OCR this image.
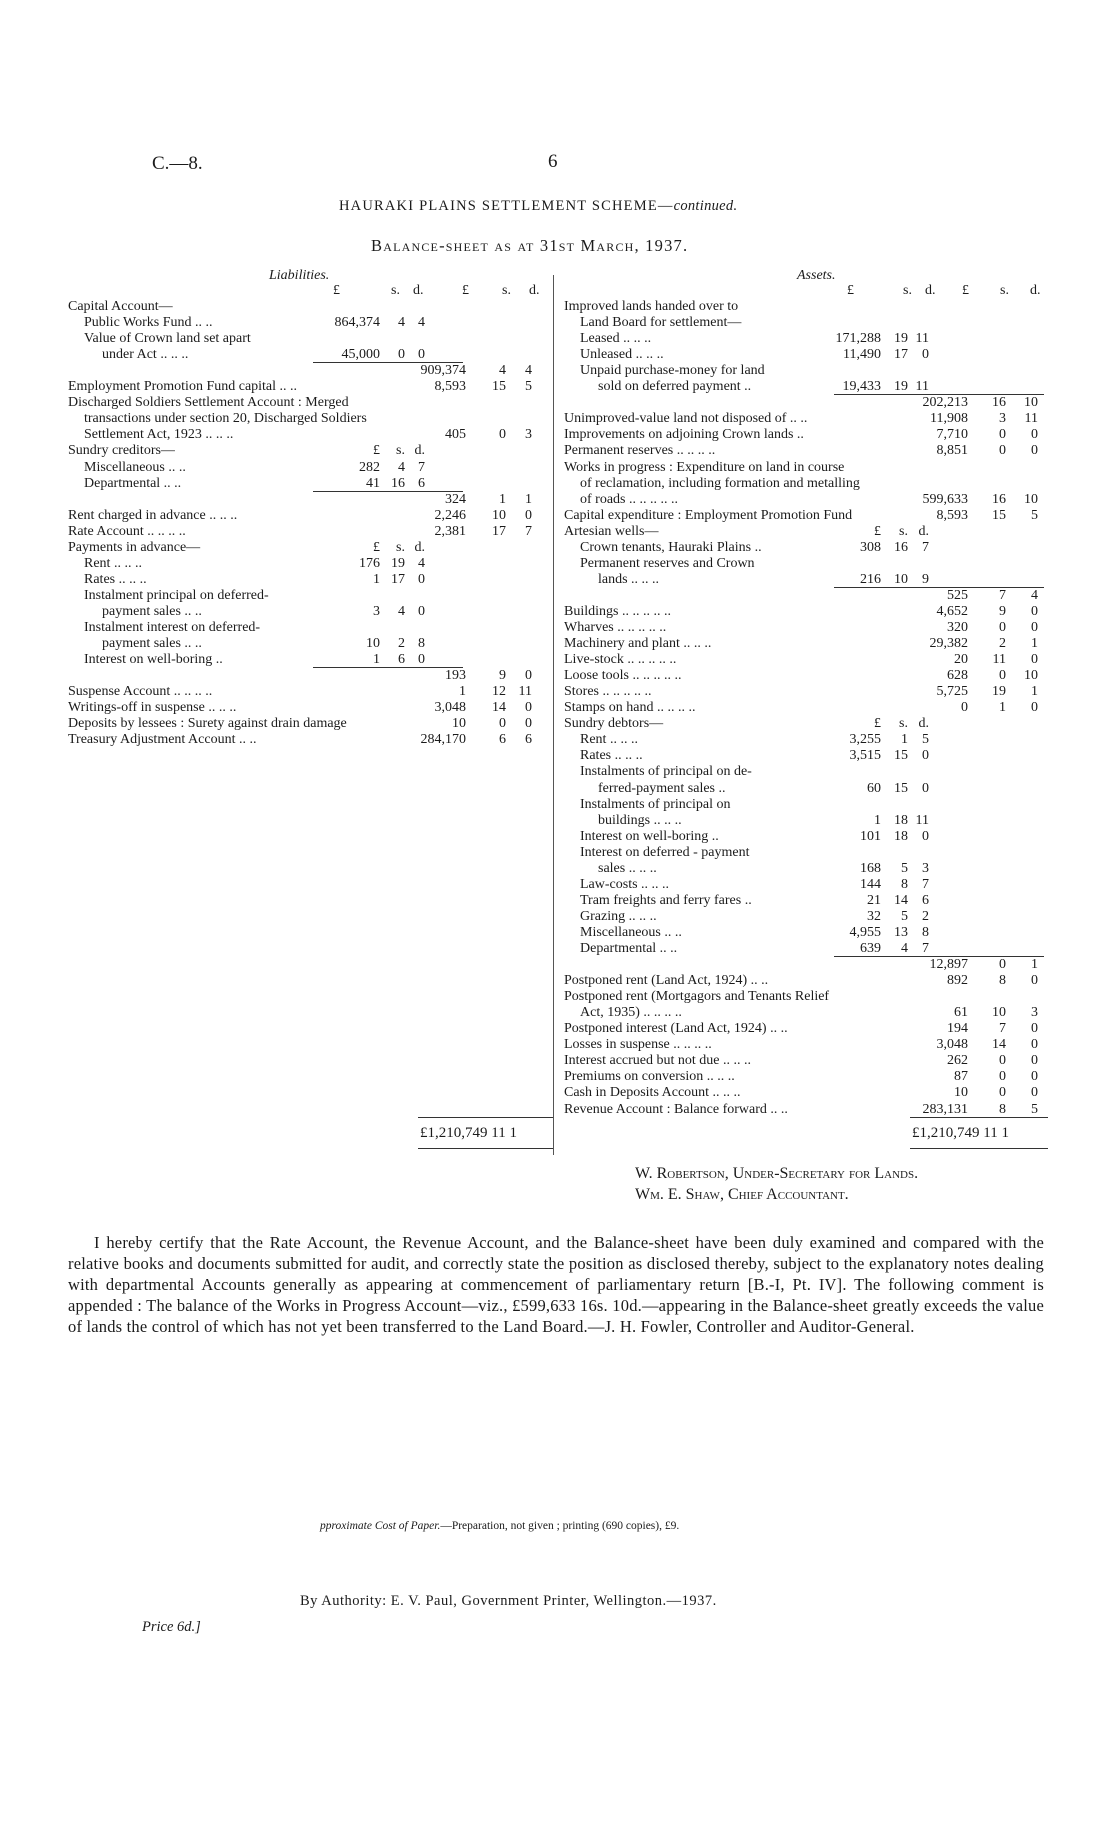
C.—8.	6
HAURAKI PLAINS SETTLEMENT SCHEME—continued.
Balance-sheet as at 31st March, 1937.
Liabilities.
£	s. d.	£ s. d.
Capital Account—
Public Works Fund .. ..	864,374 4 4
Value of Crown land set apart
under Act .. .. ..	45,000 0 0
909,374 4 4
Employment Promotion Fund capital .. ..	8,593 15 5
Discharged Soldiers Settlement Account : Merged
transactions under section 20, Discharged Soldiers
Settlement Act, 1923 .. .. ..	405 0 3
Sundry creditors—	£ s. d.
Miscellaneous .. ..	282 4 7
Departmental .. ..	41 16 6
324 1 1
Rent charged in advance .. .. ..	2,246 10 0
Rate Account .. .. .. ..	2,381 17 7
Payments in advance—	£ s. d.
Rent .. .. ..	176 19 4
Rates .. .. ..	1 17 0
Instalment principal on deferred-
payment sales .. ..	3 4 0
Instalment interest on deferred-
payment sales .. ..	10 2 8
Interest on well-boring ..	1 6 0
193 9 0
Suspense Account .. .. .. ..	1 12 11
Writings-off in suspense .. .. ..	3,048 14 0
Deposits by lessees : Surety against drain damage	10 0 0
Treasury Adjustment Account .. ..	284,170 6 6
Assets.
£	s. d. £ s. d.
Improved lands handed over to
Land Board for settlement—
Leased .. .. ..	171,288 19 11
Unleased .. .. ..	11,490 17 0
Unpaid purchase-money for land
sold on deferred payment ..	19,433 19 11
202,213 16 10
Unimproved-value land not disposed of .. ..	11,908 3 11
Improvements on adjoining Crown lands ..	7,710 0 0
Permanent reserves .. .. .. ..	8,851 0 0
Works in progress : Expenditure on land in course
of reclamation, including formation and metalling
of roads .. .. .. .. ..	599,633 16 10
Capital expenditure : Employment Promotion Fund	8,593 15 5
Artesian wells—	£ s. d.
Crown tenants, Hauraki Plains ..	308 16 7
Permanent reserves and Crown
lands .. .. ..	216 10 9
525 7 4
Buildings .. .. .. .. ..	4,652 9 0
Wharves .. .. .. .. ..	320 0 0
Machinery and plant .. .. ..	29,382 2 1
Live-stock .. .. .. .. ..	20 11 0
Loose tools .. .. .. .. ..	628 0 10
Stores .. .. .. .. ..	5,725 19 1
Stamps on hand .. .. .. ..	0 1 0
Sundry debtors—	£ s. d.
Rent .. .. ..	3,255 1 5
Rates .. .. ..	3,515 15 0
Instalments of principal on de-
ferred-payment sales ..	60 15 0
Instalments of principal on
buildings .. .. ..	1 18 11
Interest on well-boring ..	101 18 0
Interest on deferred - payment
sales .. .. ..	168 5 3
Law-costs .. .. ..	144 8 7
Tram freights and ferry fares ..	21 14 6
Grazing .. .. ..	32 5 2
Miscellaneous .. ..	4,955 13 8
Departmental .. ..	639 4 7
12,897 0 1
Postponed rent (Land Act, 1924) .. ..	892 8 0
Postponed rent (Mortgagors and Tenants Relief
Act, 1935) .. .. .. ..	61 10 3
Postponed interest (Land Act, 1924) .. ..	194 7 0
Losses in suspense .. .. .. ..	3,048 14 0
Interest accrued but not due .. .. ..	262 0 0
Premiums on conversion .. .. ..	87 0 0
Cash in Deposits Account .. .. ..	10 0 0
Revenue Account : Balance forward .. ..	283,131 8 5
£1,210,749 11 1	£1,210,749 11 1
W. Robertson, Under-Secretary for Lands.
Wm. E. Shaw, Chief Accountant.
I hereby certify that the Rate Account, the Revenue Account, and the Balance-sheet have been duly examined and compared with the relative books and documents submitted for audit, and correctly state the position as disclosed thereby, subject to the explanatory notes dealing with departmental Accounts generally as appearing at commencement of parliamentary return [B.-I, Pt. IV]. The following comment is appended : The balance of the Works in Progress Account—viz., £599,633 16s. 10d.—appearing in the Balance-sheet greatly exceeds the value of lands the control of which has not yet been transferred to the Land Board.—J. H. Fowler, Controller and Auditor-General.
pproximate Cost of Paper.—Preparation, not given ; printing (690 copies), £9.
By Authority: E. V. Paul, Government Printer, Wellington.—1937.
Price 6d.]
